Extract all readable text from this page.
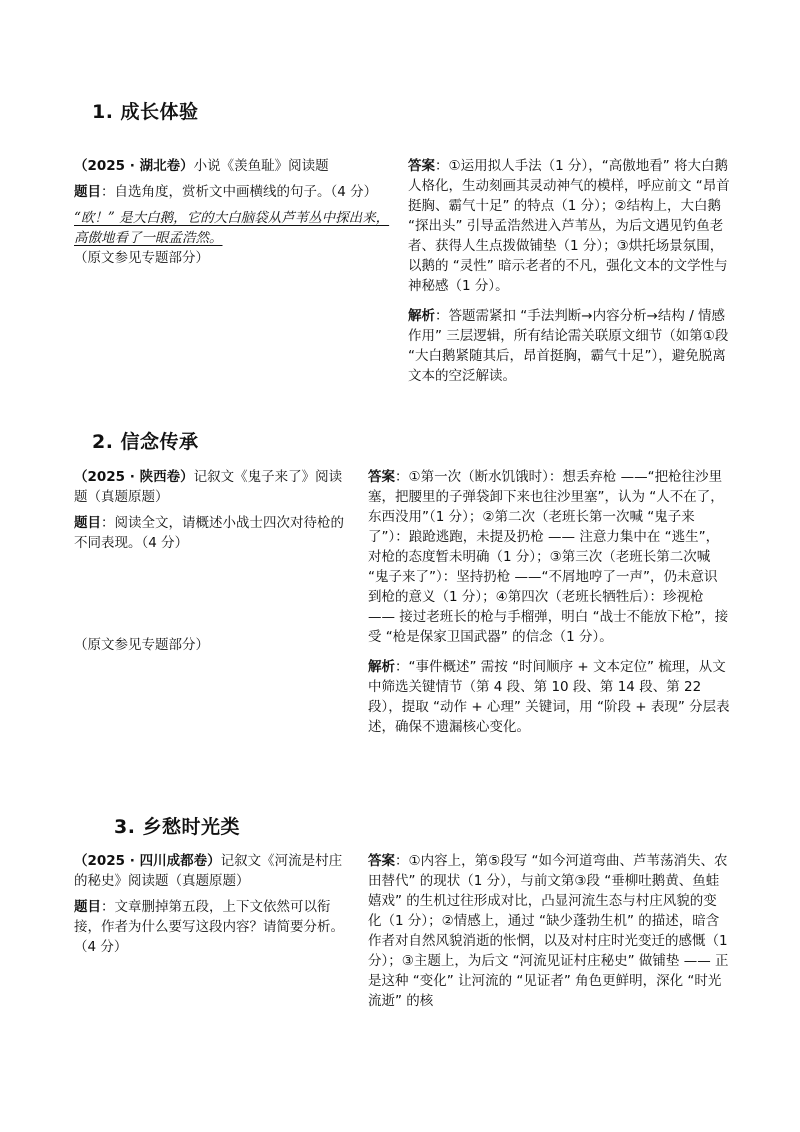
1. 成长体验
（2025 · 湖北卷）小说《羡鱼耻》阅读题
题目：自选角度，赏析文中画横线的句子。（4 分）
“欧！” 是大白鹅，它的大白脑袋从芦苇丛中探出来，高傲地看了一眼孟浩然。
（原文参见专题部分）
答案：①运用拟人手法（1 分），“高傲地看” 将大白鹅人格化，生动刻画其灵动神气的模样，呼应前文 “昂首挺胸、霸气十足” 的特点（1 分）；②结构上，大白鹅 “探出头” 引导孟浩然进入芦苇丛，为后文遇见钓鱼老者、获得人生点拨做铺垫（1 分）；③烘托场景氛围，以鹅的 “灵性” 暗示老者的不凡，强化文本的文学性与神秘感（1 分）。
解析：答题需紧扣 “手法判断→内容分析→结构 / 情感作用” 三层逻辑，所有结论需关联原文细节（如第①段 “大白鹅紧随其后，昂首挺胸，霸气十足”），避免脱离文本的空泛解读。
2. 信念传承
（2025 · 陕西卷）记叙文《鬼子来了》阅读题（真题原题）
题目：阅读全文，请概述小战士四次对待枪的不同表现。（4 分）
（原文参见专题部分）
答案：①第一次（断水饥饿时）：想丢弃枪 ——“把枪往沙里塞，把腰里的子弹袋卸下来也往沙里塞”，认为 “人不在了，东西没用”（1 分）；②第二次（老班长第一次喊 “鬼子来了”）：踉跄逃跑，未提及扔枪 —— 注意力集中在 “逃生”，对枪的态度暂未明确（1 分）；③第三次（老班长第二次喊 “鬼子来了”）：坚持扔枪 ——“不屑地哼了一声”，仍未意识到枪的意义（1 分）；④第四次（老班长牺牲后）：珍视枪 —— 接过老班长的枪与手榴弹，明白 “战士不能放下枪”，接受 “枪是保家卫国武器” 的信念（1 分）。
解析：“事件概述” 需按 “时间顺序 + 文本定位” 梳理，从文中筛选关键情节（第 4 段、第 10 段、第 14 段、第 22 段），提取 “动作 + 心理” 关键词，用 “阶段 + 表现” 分层表述，确保不遗漏核心变化。
3. 乡愁时光类
（2025 · 四川成都卷）记叙文《河流是村庄的秘史》阅读题（真题原题）
题目：文章删掉第五段，上下文依然可以衔接，作者为什么要写这段内容？请简要分析。（4 分）
答案：①内容上，第⑤段写 “如今河道弯曲、芦苇荡消失、农田替代” 的现状（1 分），与前文第③段 “垂柳吐鹅黄、鱼蛙嬉戏” 的生机过往形成对比，凸显河流生态与村庄风貌的变化（1 分）；②情感上，通过 “缺少蓬勃生机” 的描述，暗含作者对自然风貌消逝的怅惘，以及对村庄时光变迁的感慨（1 分）；③主题上，为后文 “河流见证村庄秘史” 做铺垫 —— 正是这种 “变化” 让河流的 “见证者” 角色更鲜明，深化 “时光流逝” 的核
